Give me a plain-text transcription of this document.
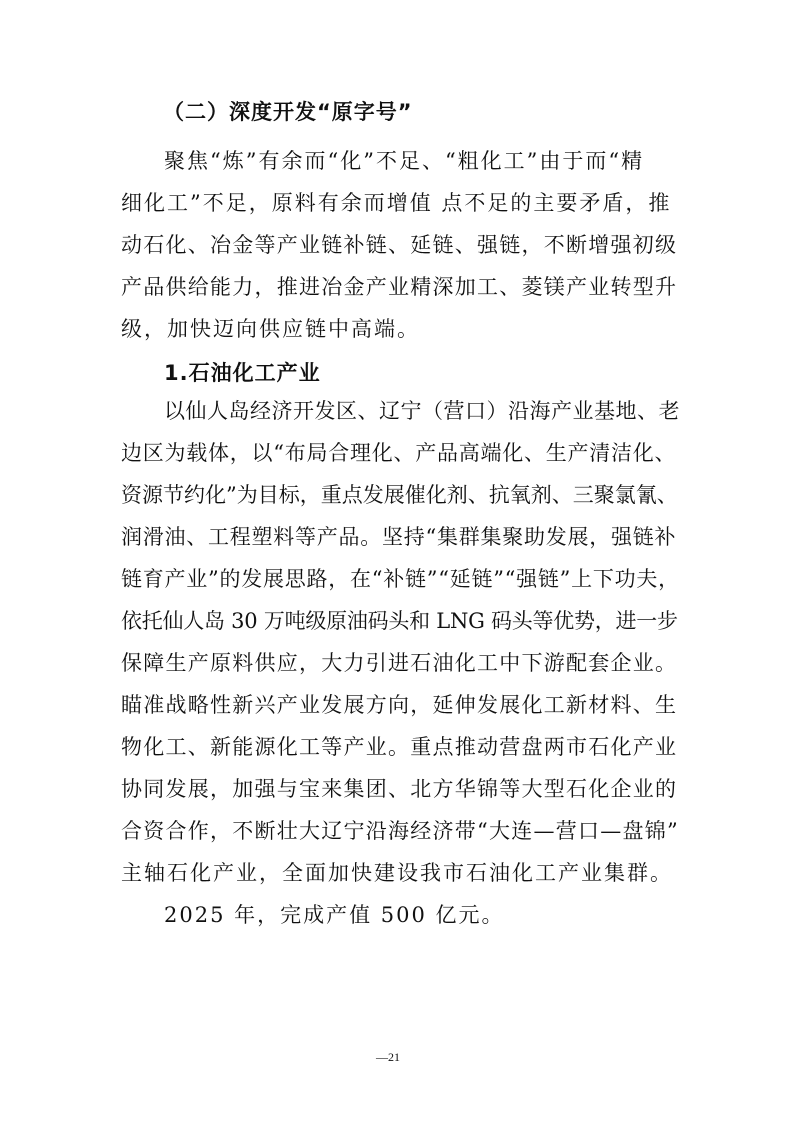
（二）深度开发“原字号”

聚焦“炼”有余而“化”不足、“粗化工”由于而“精

细化工”不足，原料有余而增值 点不足的主要矛盾，推

动石化、冶金等产业链补链、延链、强链，不断增强初级

产品供给能力，推进冶金产业精深加工、菱镁产业转型升

级，加快迈向供应链中高端。

1.石油化工产业

以仙人岛经济开发区、辽宁（营口）沿海产业基地、老

边区为载体，以“布局合理化、产品高端化、生产清洁化、

资源节约化”为目标，重点发展催化剂、抗氧剂、三聚氯氰、

润滑油、工程塑料等产品。坚持“集群集聚助发展，强链补

链育产业”的发展思路，在“补链”“延链”“强链”上下功夫，

依托仙人岛 30 万吨级原油码头和 LNG 码头等优势，进一步

保障生产原料供应，大力引进石油化工中下游配套企业。

瞄准战略性新兴产业发展方向，延伸发展化工新材料、生

物化工、新能源化工等产业。重点推动营盘两市石化产业

协同发展，加强与宝来集团、北方华锦等大型石化企业的

合资合作，不断壮大辽宁沿海经济带“大连—营口—盘锦”

主轴石化产业，全面加快建设我市石油化工产业集群。

2025 年，完成产值 500 亿元。

—21
